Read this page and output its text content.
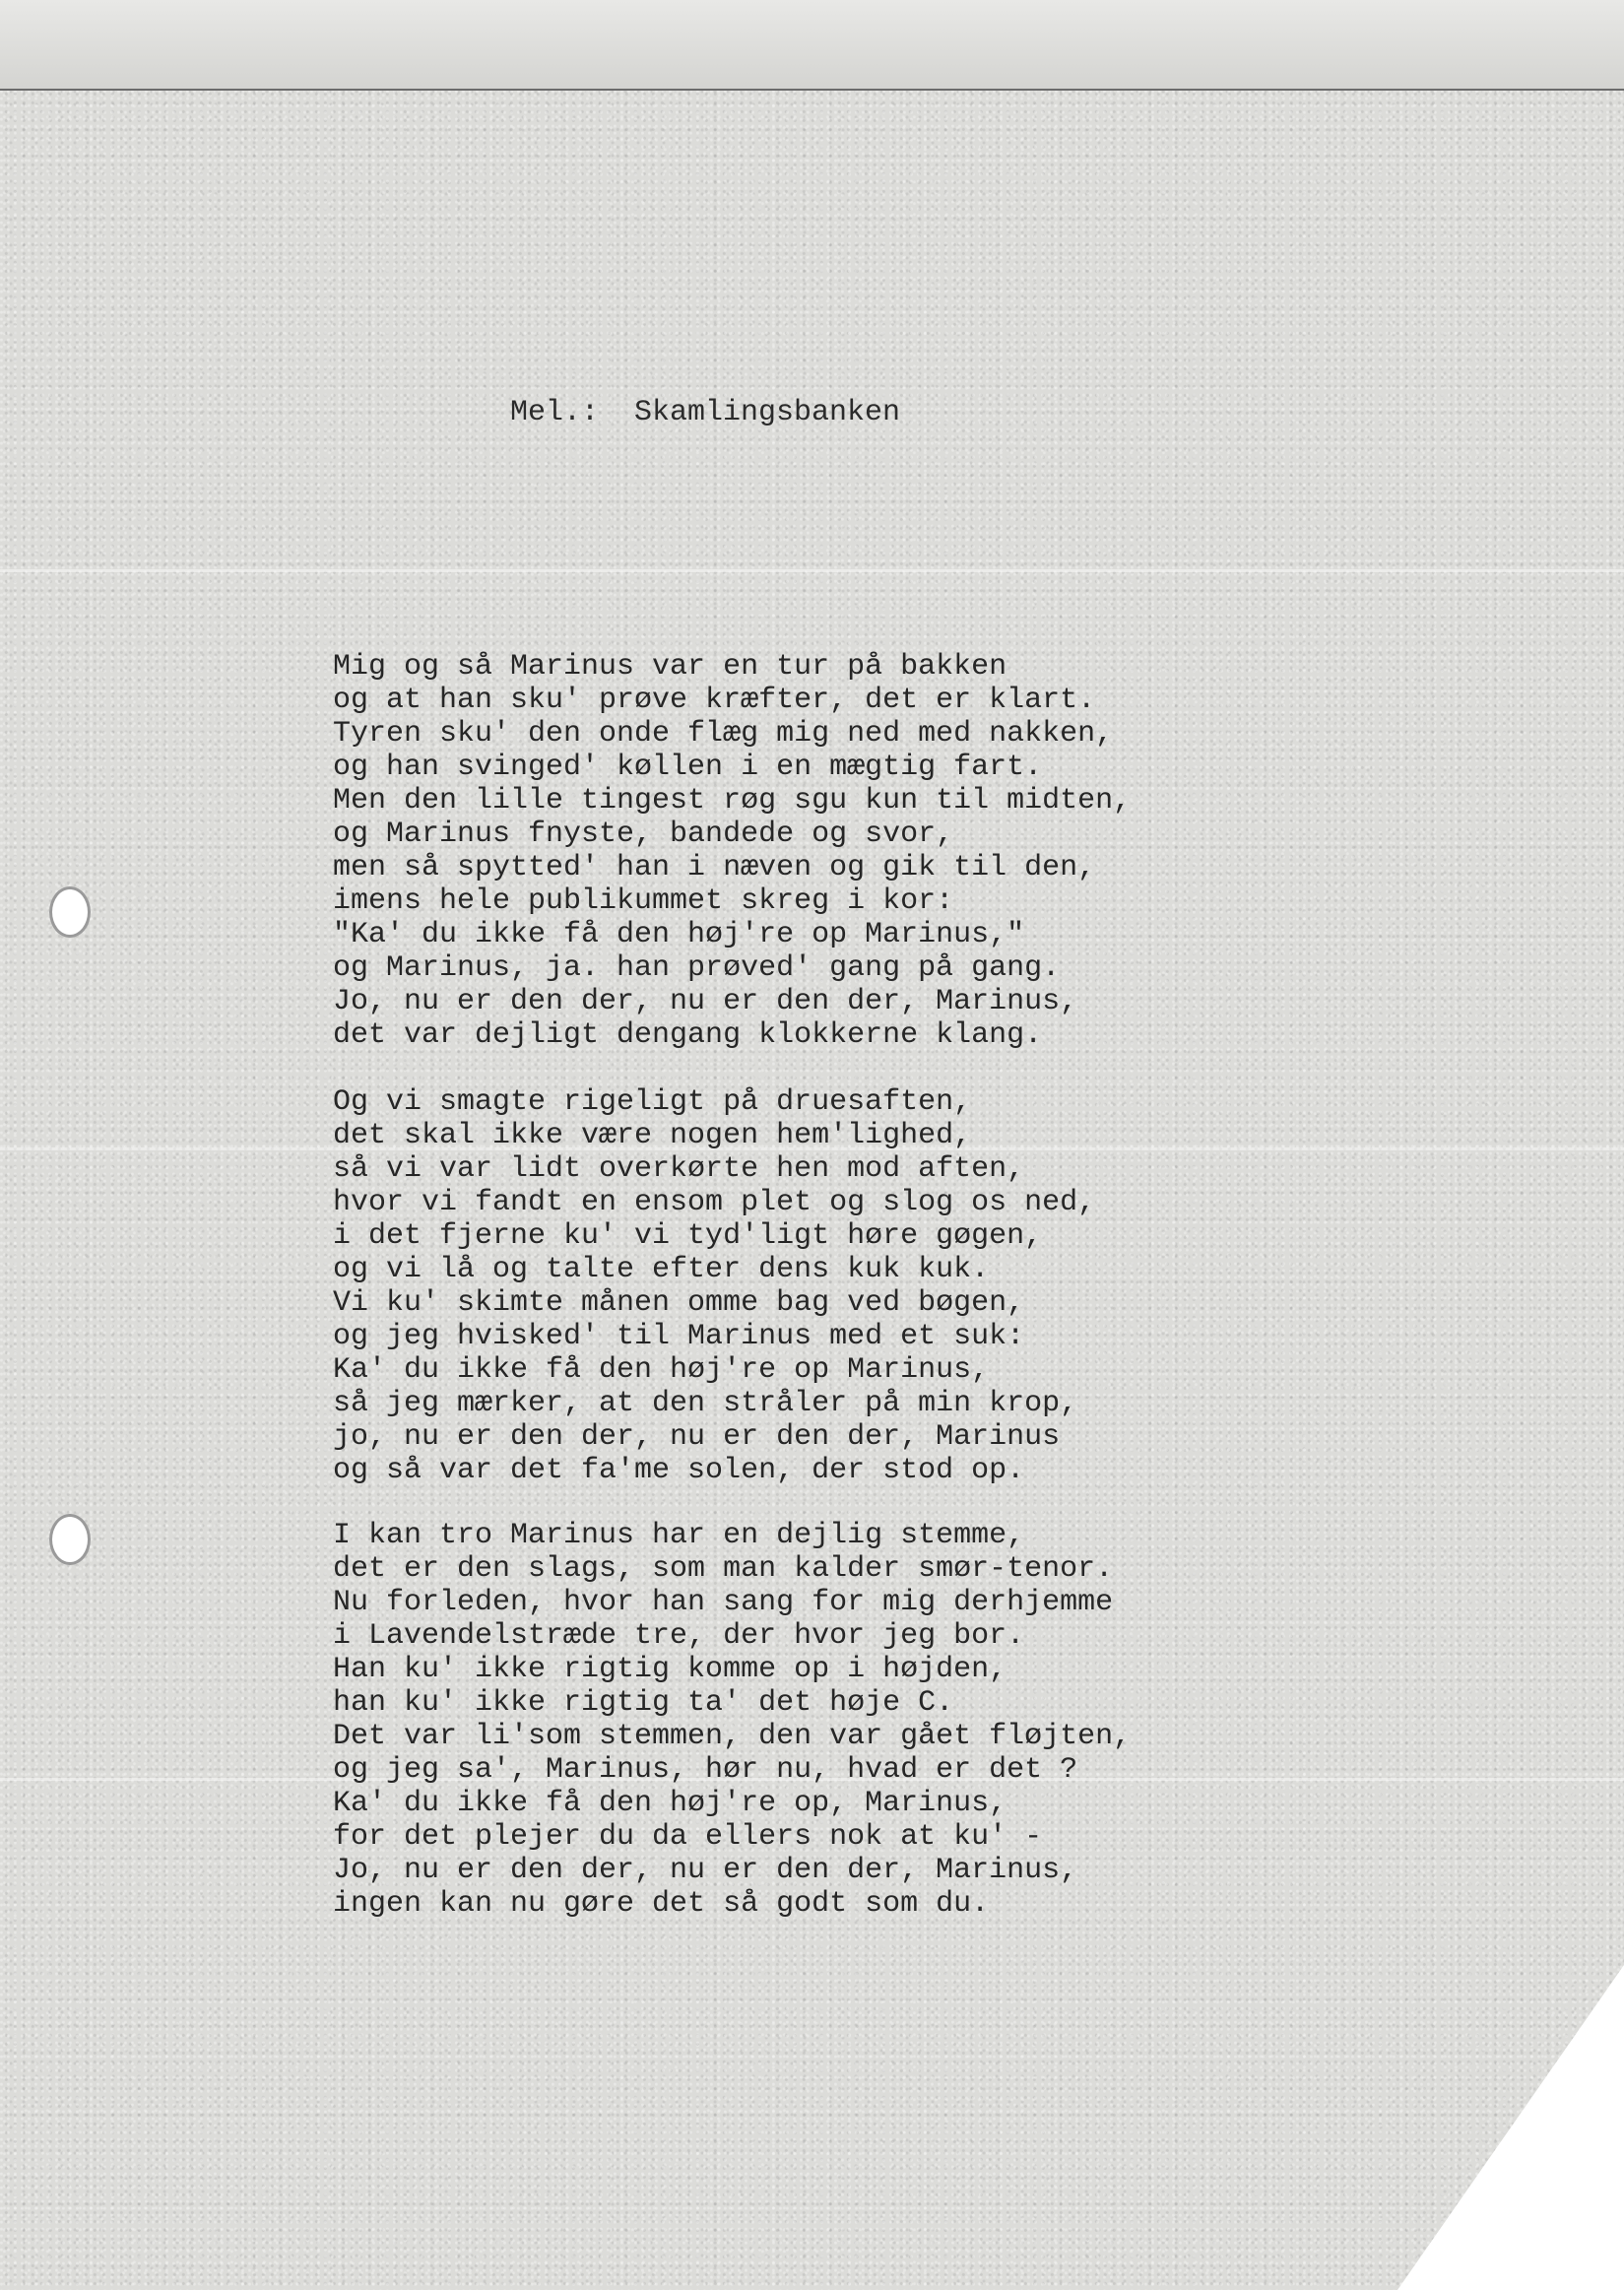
Mel.:  Skamlingsbanken

Mig og så Marinus var en tur på bakken
og at han sku' prøve kræfter, det er klart.
Tyren sku' den onde flæg mig ned med nakken,
og han svinged' køllen i en mægtig fart.
Men den lille tingest røg sgu kun til midten,
og Marinus fnyste, bandede og svor,
men så spytted' han i næven og gik til den,
imens hele publikummet skreg i kor:
"Ka' du ikke få den høj're op Marinus,"
og Marinus, ja. han prøved' gang på gang.
Jo, nu er den der, nu er den der, Marinus,
det var dejligt dengang klokkerne klang.
Og vi smagte rigeligt på druesaften,
det skal ikke være nogen hem'lighed,
så vi var lidt overkørte hen mod aften,
hvor vi fandt en ensom plet og slog os ned,
i det fjerne ku' vi tyd'ligt høre gøgen,
og vi lå og talte efter dens kuk kuk.
Vi ku' skimte månen omme bag ved bøgen,
og jeg hvisked' til Marinus med et suk:
Ka' du ikke få den høj're op Marinus,
så jeg mærker, at den stråler på min krop,
jo, nu er den der, nu er den der, Marinus
og så var det fa'me solen, der stod op.
I kan tro Marinus har en dejlig stemme,
det er den slags, som man kalder smør-tenor.
Nu forleden, hvor han sang for mig derhjemme
i Lavendelstræde tre, der hvor jeg bor.
Han ku' ikke rigtig komme op i højden,
han ku' ikke rigtig ta' det høje C.
Det var li'som stemmen, den var gået fløjten,
og jeg sa', Marinus, hør nu, hvad er det ?
Ka' du ikke få den høj're op, Marinus,
for det plejer du da ellers nok at ku' -
Jo, nu er den der, nu er den der, Marinus,
ingen kan nu gøre det så godt som du.
